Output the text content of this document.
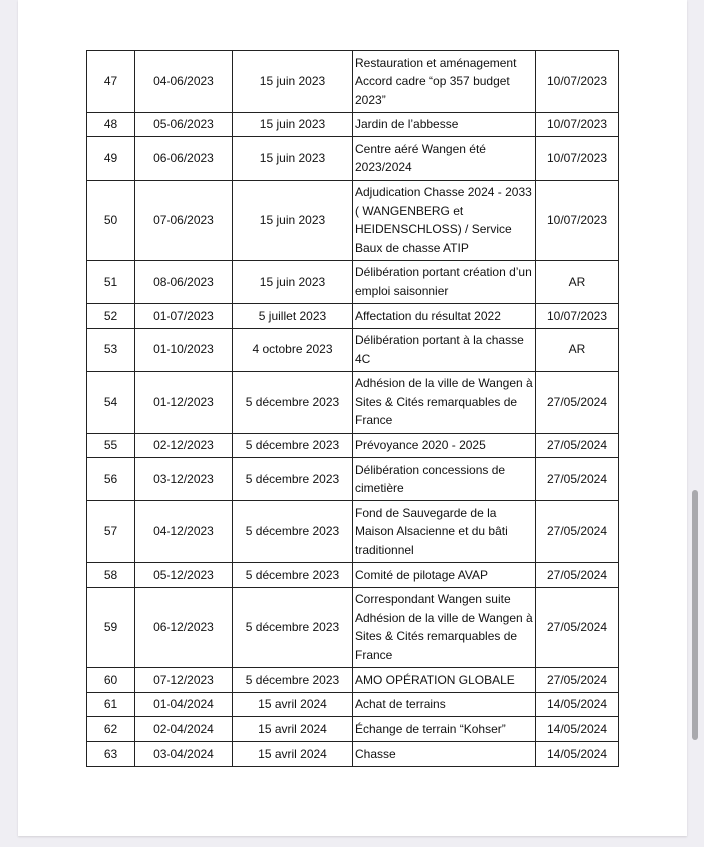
47	04-06/2023	15 juin 2023	Restauration et aménagement Accord cadre “op 357 budget 2023”	10/07/2023
48	05-06/2023	15 juin 2023	Jardin de l’abbesse	10/07/2023
49	06-06/2023	15 juin 2023	Centre aéré Wangen été 2023/2024	10/07/2023
50	07-06/2023	15 juin 2023	Adjudication Chasse 2024 - 2033 ( WANGENBERG et HEIDENSCHLOSS) / Service Baux de chasse ATIP	10/07/2023
51	08-06/2023	15 juin 2023	Délibération portant création d’un emploi saisonnier	AR
52	01-07/2023	5 juillet 2023	Affectation du résultat 2022	10/07/2023
53	01-10/2023	4 octobre 2023	Délibération portant à la chasse 4C	AR
54	01-12/2023	5 décembre 2023	Adhésion de la ville de Wangen à Sites & Cités remarquables de France	27/05/2024
55	02-12/2023	5 décembre 2023	Prévoyance 2020 - 2025	27/05/2024
56	03-12/2023	5 décembre 2023	Délibération concessions de cimetière	27/05/2024
57	04-12/2023	5 décembre 2023	Fond de Sauvegarde de la Maison Alsacienne et du bâti traditionnel	27/05/2024
58	05-12/2023	5 décembre 2023	Comité de pilotage AVAP	27/05/2024
59	06-12/2023	5 décembre 2023	Correspondant Wangen suite Adhésion de la ville de Wangen à Sites & Cités remarquables de France	27/05/2024
60	07-12/2023	5 décembre 2023	AMO OPÉRATION GLOBALE	27/05/2024
61	01-04/2024	15 avril 2024	Achat de terrains	14/05/2024
62	02-04/2024	15 avril 2024	Échange de terrain “Kohser”	14/05/2024
63	03-04/2024	15 avril 2024	Chasse	14/05/2024
